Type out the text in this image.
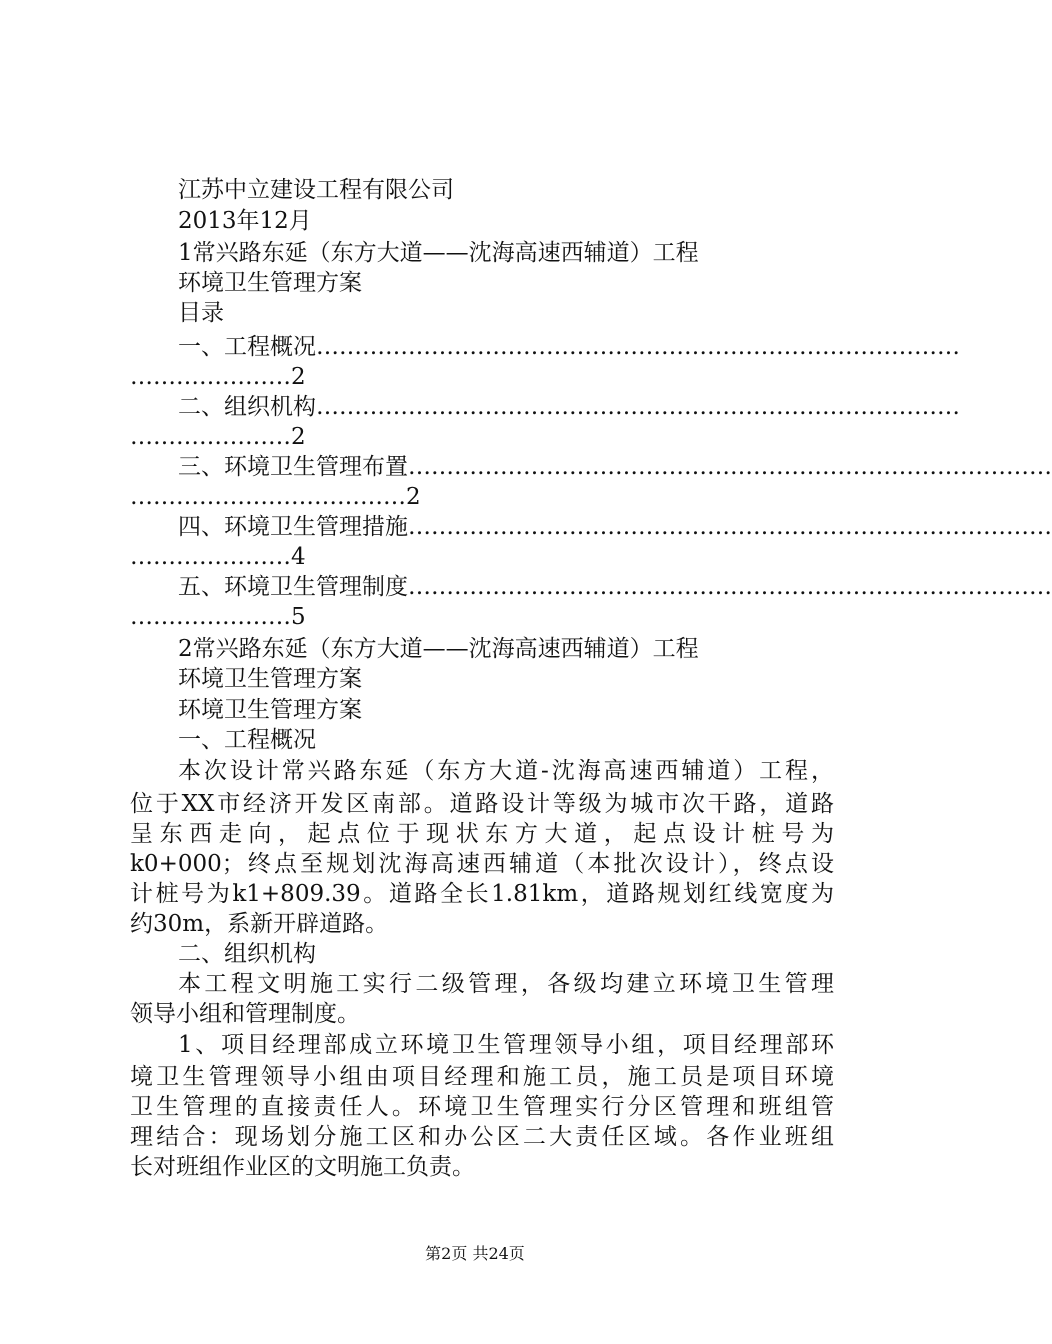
江苏中立建设工程有限公司
2013年12月
1常兴路东延（东方大道——沈海高速西辅道）工程
环境卫生管理方案
目录
一、工程概况 …………………………………………………………………………
………………… 2
二、组织机构 …………………………………………………………………………
………………… 2
三、环境卫生管理布置 …………………………………………………………………………
……………………………… 2
四、环境卫生管理措施 …………………………………………………………………………
………………… 4
五、环境卫生管理制度 …………………………………………………………………………
………………… 5
2常兴路东延（东方大道——沈海高速西辅道）工程
环境卫生管理方案
环境卫生管理方案
一、工程概况
本次设计常兴路东延（东方大道-沈海高速西辅道）工程，
位于XX市经济开发区南部。道路设计等级为城市次干路，道路
呈东西走向，起点位于现状东方大道，起点设计桩号为
k0+000；终点至规划沈海高速西辅道（本批次设计），终点设
计桩号为k1+809.39。道路全长1.81km，道路规划红线宽度为
约30m，系新开辟道路。
二、组织机构
本工程文明施工实行二级管理，各级均建立环境卫生管理
领导小组和管理制度。
1、项目经理部成立环境卫生管理领导小组，项目经理部环
境卫生管理领导小组由项目经理和施工员，施工员是项目环境
卫生管理的直接责任人。环境卫生管理实行分区管理和班组管
理结合：现场划分施工区和办公区二大责任区域。各作业班组
长对班组作业区的文明施工负责。
第2页 共24页
